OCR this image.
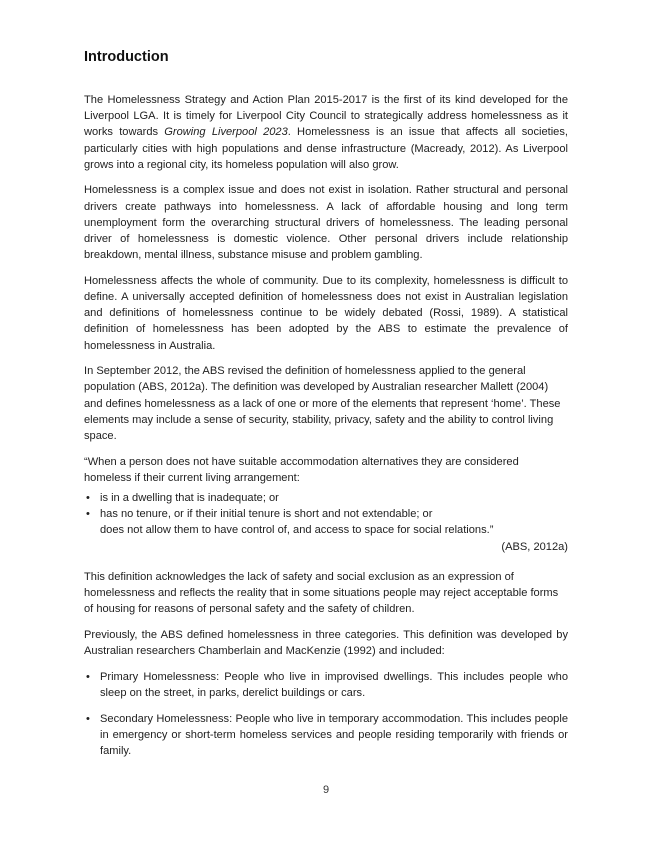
Introduction

The Homelessness Strategy and Action Plan 2015-2017 is the first of its kind developed for the Liverpool LGA. It is timely for Liverpool City Council to strategically address homelessness as it works towards Growing Liverpool 2023. Homelessness is an issue that affects all societies, particularly cities with high populations and dense infrastructure (Macready, 2012). As Liverpool grows into a regional city, its homeless population will also grow.

Homelessness is a complex issue and does not exist in isolation. Rather structural and personal drivers create pathways into homelessness. A lack of affordable housing and long term unemployment form the overarching structural drivers of homelessness. The leading personal driver of homelessness is domestic violence. Other personal drivers include relationship breakdown, mental illness, substance misuse and problem gambling.

Homelessness affects the whole of community. Due to its complexity, homelessness is difficult to define. A universally accepted definition of homelessness does not exist in Australian legislation and definitions of homelessness continue to be widely debated (Rossi, 1989). A statistical definition of homelessness has been adopted by the ABS to estimate the prevalence of homelessness in Australia.

In September 2012, the ABS revised the definition of homelessness applied to the general population (ABS, 2012a). The definition was developed by Australian researcher Mallett (2004) and defines homelessness as a lack of one or more of the elements that represent ‘home’. These elements may include a sense of security, stability, privacy, safety and the ability to control living space.

“When a person does not have suitable accommodation alternatives they are considered homeless if their current living arrangement:

• is in a dwelling that is inadequate; or
• has no tenure, or if their initial tenure is short and not extendable; or

does not allow them to have control of, and access to space for social relations.”

(ABS, 2012a)

This definition acknowledges the lack of safety and social exclusion as an expression of homelessness and reflects the reality that in some situations people may reject acceptable forms of housing for reasons of personal safety and the safety of children.

Previously, the ABS defined homelessness in three categories. This definition was developed by Australian researchers Chamberlain and MacKenzie (1992) and included:

• Primary Homelessness: People who live in improvised dwellings. This includes people who sleep on the street, in parks, derelict buildings or cars.
• Secondary Homelessness: People who live in temporary accommodation. This includes people in emergency or short-term homeless services and people residing temporarily with friends or family.
9
